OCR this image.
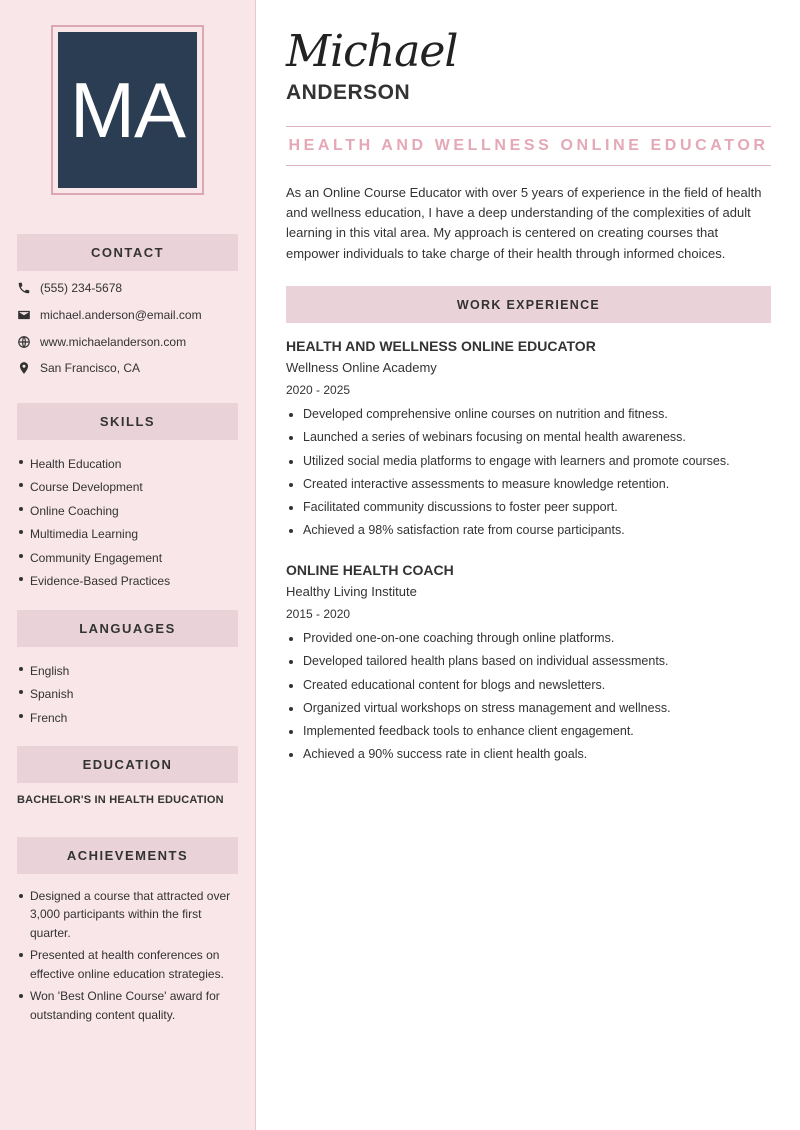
MA
CONTACT
(555) 234-5678
michael.anderson@email.com
www.michaelanderson.com
San Francisco, CA
SKILLS
Health Education
Course Development
Online Coaching
Multimedia Learning
Community Engagement
Evidence-Based Practices
LANGUAGES
English
Spanish
French
EDUCATION
BACHELOR'S IN HEALTH EDUCATION
ACHIEVEMENTS
Designed a course that attracted over 3,000 participants within the first quarter.
Presented at health conferences on effective online education strategies.
Won 'Best Online Course' award for outstanding content quality.
Michael
ANDERSON
HEALTH AND WELLNESS ONLINE EDUCATOR
As an Online Course Educator with over 5 years of experience in the field of health and wellness education, I have a deep understanding of the complexities of adult learning in this vital area. My approach is centered on creating courses that empower individuals to take charge of their health through informed choices.
WORK EXPERIENCE
HEALTH AND WELLNESS ONLINE EDUCATOR
Wellness Online Academy
2020 - 2025
Developed comprehensive online courses on nutrition and fitness.
Launched a series of webinars focusing on mental health awareness.
Utilized social media platforms to engage with learners and promote courses.
Created interactive assessments to measure knowledge retention.
Facilitated community discussions to foster peer support.
Achieved a 98% satisfaction rate from course participants.
ONLINE HEALTH COACH
Healthy Living Institute
2015 - 2020
Provided one-on-one coaching through online platforms.
Developed tailored health plans based on individual assessments.
Created educational content for blogs and newsletters.
Organized virtual workshops on stress management and wellness.
Implemented feedback tools to enhance client engagement.
Achieved a 90% success rate in client health goals.
